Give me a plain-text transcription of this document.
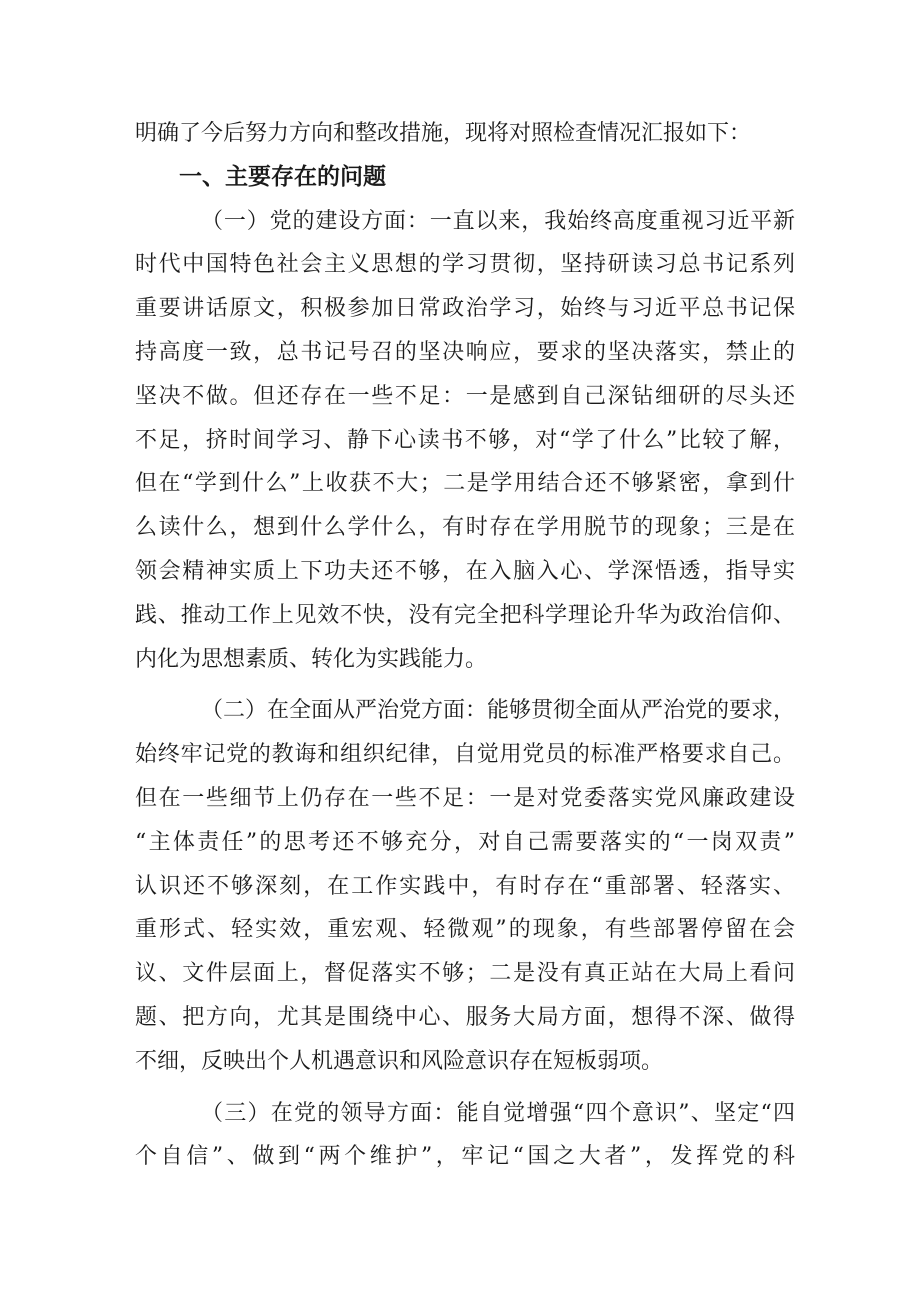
明确了今后努力方向和整改措施，现将对照检查情况汇报如下：
一、主要存在的问题
（一）党的建设方面：一直以来，我始终高度重视习近平新
时代中国特色社会主义思想的学习贯彻，坚持研读习总书记系列
重要讲话原文，积极参加日常政治学习，始终与习近平总书记保
持高度一致，总书记号召的坚决响应，要求的坚决落实，禁止的
坚决不做。但还存在一些不足：一是感到自己深钻细研的尽头还
不足，挤时间学习、静下心读书不够，对“学了什么”比较了解，
但在“学到什么”上收获不大；二是学用结合还不够紧密，拿到什
么读什么，想到什么学什么，有时存在学用脱节的现象；三是在
领会精神实质上下功夫还不够，在入脑入心、学深悟透，指导实
践、推动工作上见效不快，没有完全把科学理论升华为政治信仰、
内化为思想素质、转化为实践能力。
（二）在全面从严治党方面：能够贯彻全面从严治党的要求，
始终牢记党的教诲和组织纪律，自觉用党员的标准严格要求自己。
但在一些细节上仍存在一些不足：一是对党委落实党风廉政建设
“主体责任”的思考还不够充分，对自己需要落实的“一岗双责”
认识还不够深刻，在工作实践中，有时存在“重部署、轻落实、
重形式、轻实效，重宏观、轻微观”的现象，有些部署停留在会
议、文件层面上，督促落实不够；二是没有真正站在大局上看问
题、把方向，尤其是围绕中心、服务大局方面，想得不深、做得
不细，反映出个人机遇意识和风险意识存在短板弱项。
（三）在党的领导方面：能自觉增强“四个意识”、坚定“四
个自信”、做到“两个维护”，牢记“国之大者”，发挥党的科
